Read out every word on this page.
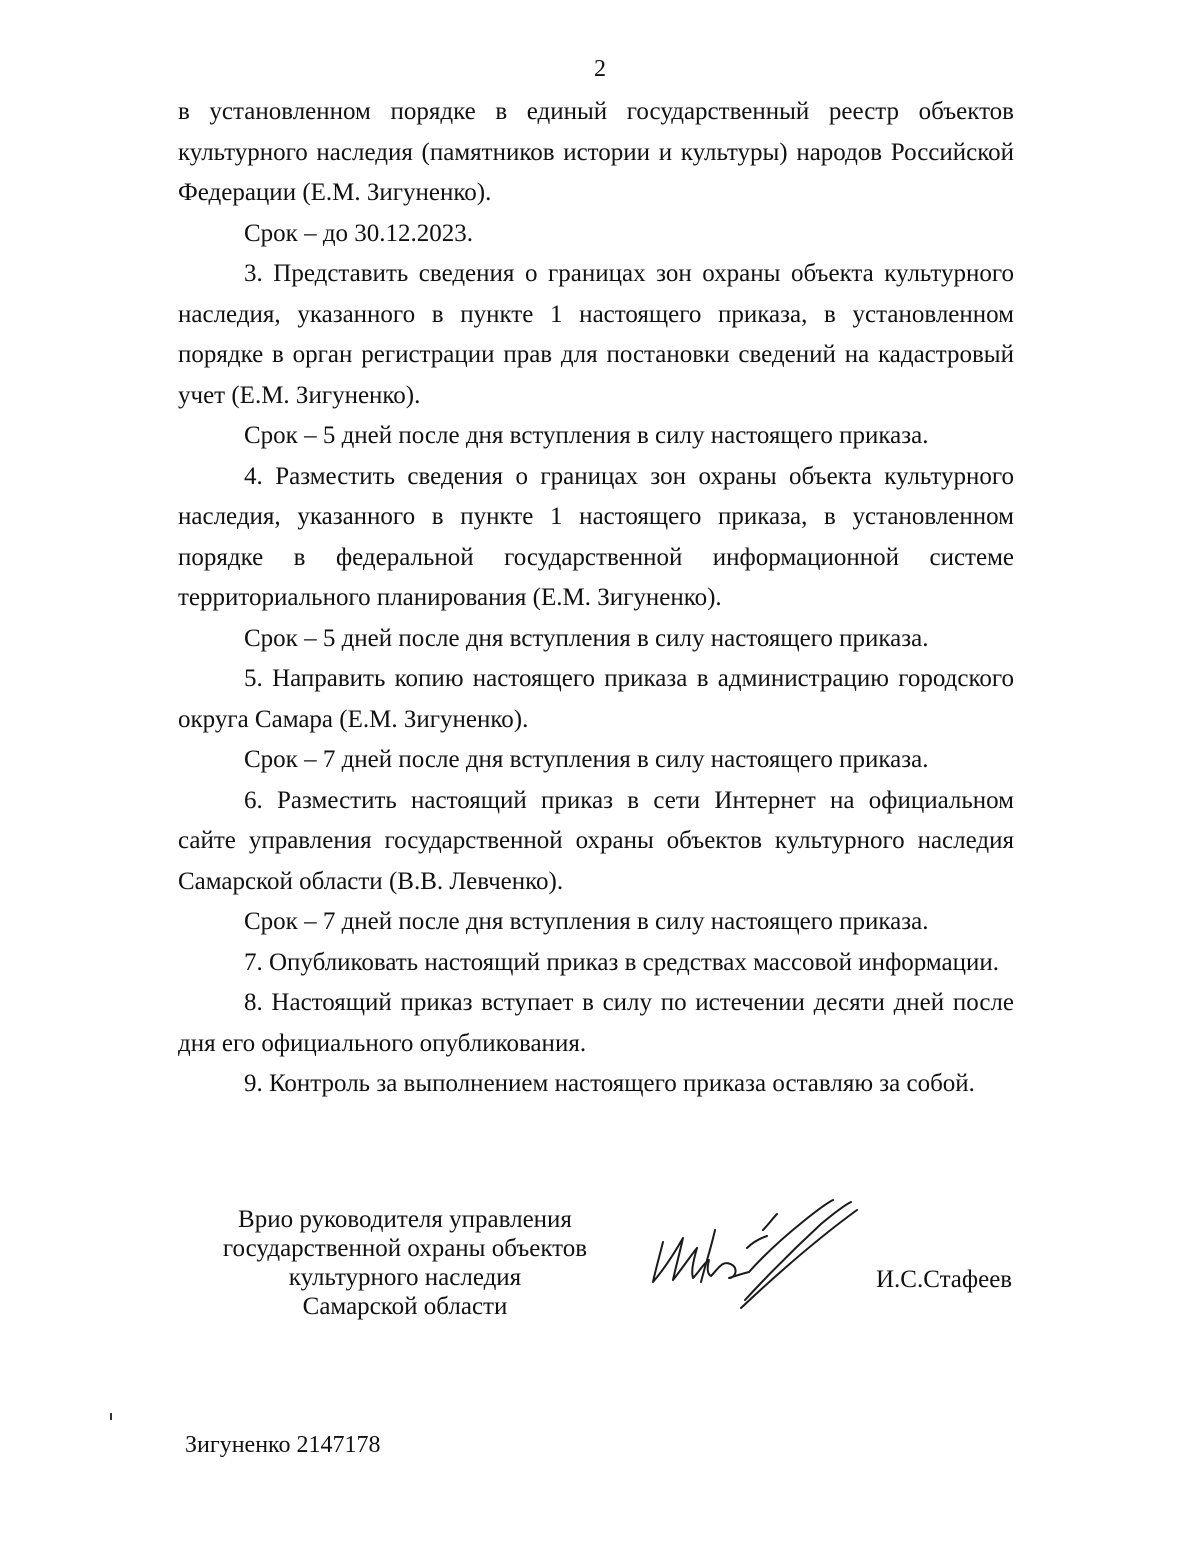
2

в установленном порядке в единый государственный реестр объектов культурного наследия (памятников истории и культуры) народов Российской Федерации (Е.М. Зигуненко).

Срок – до 30.12.2023.

3. Представить сведения о границах зон охраны объекта культурного наследия, указанного в пункте 1 настоящего приказа, в установленном порядке в орган регистрации прав для постановки сведений на кадастровый учет (Е.М. Зигуненко).

Срок – 5 дней после дня вступления в силу настоящего приказа.

4. Разместить сведения о границах зон охраны объекта культурного наследия, указанного в пункте 1 настоящего приказа, в установленном порядке в федеральной государственной информационной системе территориального планирования (Е.М. Зигуненко).

Срок – 5 дней после дня вступления в силу настоящего приказа.

5. Направить копию настоящего приказа в администрацию городского округа Самара (Е.М. Зигуненко).

Срок – 7 дней после дня вступления в силу настоящего приказа.

6. Разместить настоящий приказ в сети Интернет на официальном сайте управления государственной охраны объектов культурного наследия Самарской области (В.В. Левченко).

Срок – 7 дней после дня вступления в силу настоящего приказа.

7. Опубликовать настоящий приказ в средствах массовой информации.

8. Настоящий приказ вступает в силу по истечении десяти дней после дня его официального опубликования.

9. Контроль за выполнением настоящего приказа оставляю за собой.

Врио руководителя управления
государственной охраны объектов
культурного наследия
Самарской области
И.С.Стафеев
Зигуненко 2147178
